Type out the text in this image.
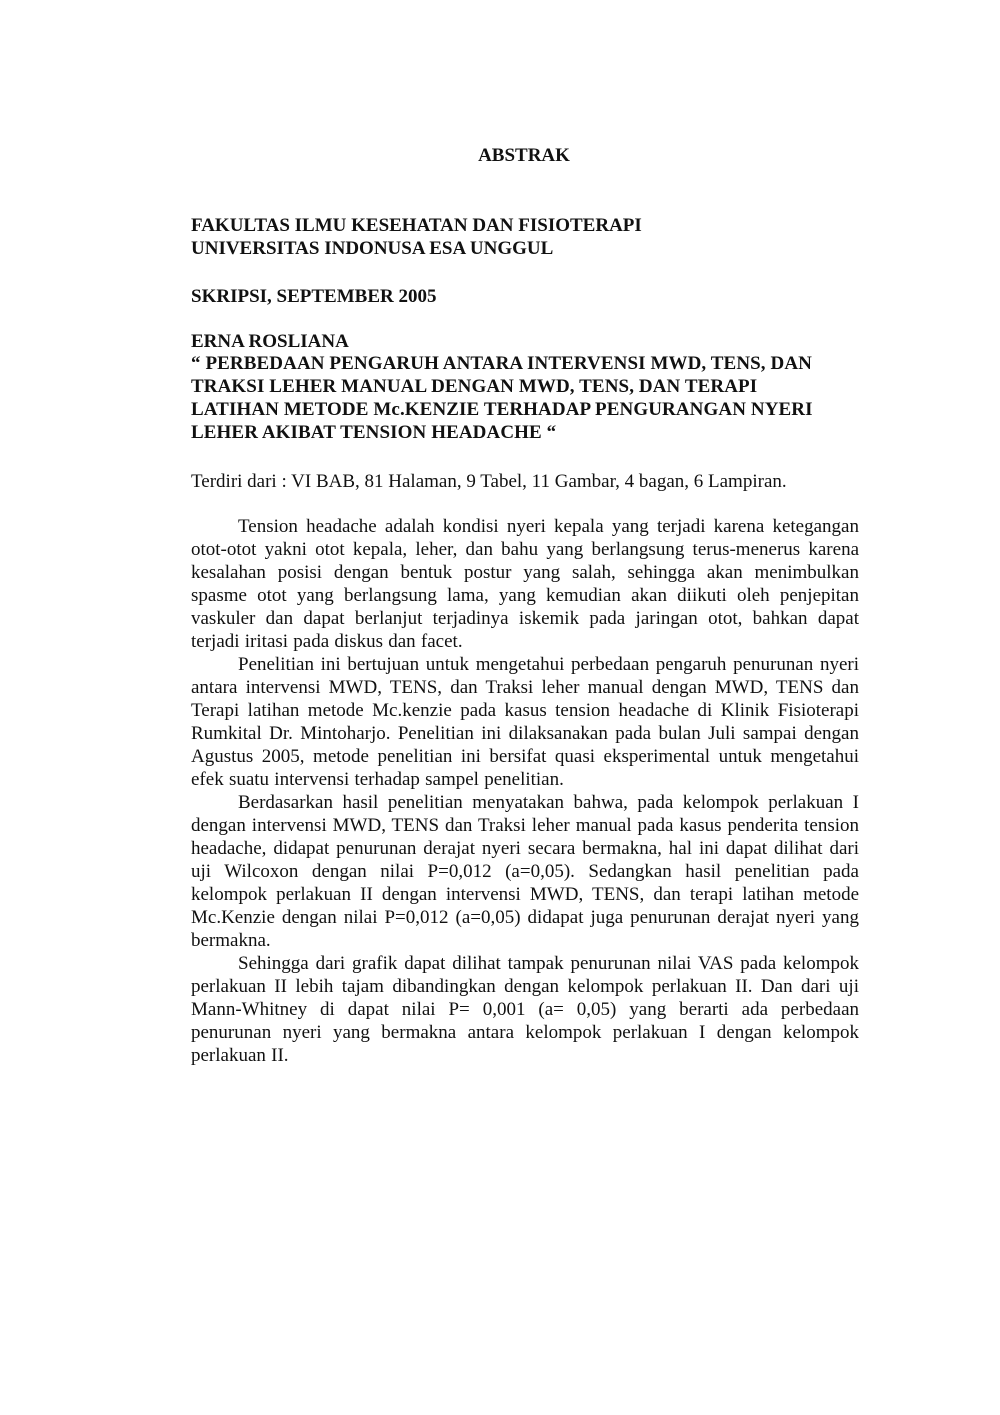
ABSTRAK
FAKULTAS ILMU KESEHATAN DAN FISIOTERAPI
UNIVERSITAS INDONUSA ESA UNGGUL
SKRIPSI, SEPTEMBER 2005
ERNA ROSLIANA
“ PERBEDAAN PENGARUH ANTARA INTERVENSI MWD, TENS, DAN
TRAKSI LEHER MANUAL DENGAN MWD, TENS, DAN TERAPI
LATIHAN METODE Mc.KENZIE TERHADAP PENGURANGAN NYERI
LEHER AKIBAT TENSION HEADACHE “
Terdiri dari : VI BAB, 81 Halaman, 9 Tabel, 11 Gambar, 4 bagan, 6 Lampiran.

Tension headache adalah kondisi nyeri kepala yang terjadi karena ketegangan otot-otot yakni otot kepala, leher, dan bahu yang berlangsung terus-menerus karena kesalahan posisi dengan bentuk postur yang salah, sehingga akan menimbulkan spasme otot yang berlangsung lama, yang kemudian akan diikuti oleh penjepitan vaskuler dan dapat berlanjut terjadinya iskemik pada jaringan otot, bahkan dapat terjadi iritasi pada diskus dan facet.

Penelitian ini bertujuan untuk mengetahui perbedaan pengaruh penurunan nyeri antara intervensi MWD, TENS, dan Traksi leher manual dengan MWD, TENS dan Terapi latihan metode Mc.kenzie pada kasus tension headache di Klinik Fisioterapi Rumkital Dr. Mintoharjo. Penelitian ini dilaksanakan pada bulan Juli sampai dengan Agustus 2005, metode penelitian ini bersifat quasi eksperimental untuk mengetahui efek suatu intervensi terhadap sampel penelitian.

Berdasarkan hasil penelitian menyatakan bahwa, pada kelompok perlakuan I dengan intervensi MWD, TENS dan Traksi leher manual pada kasus penderita tension headache, didapat penurunan derajat nyeri secara bermakna, hal ini dapat dilihat dari uji Wilcoxon dengan nilai P=0,012 (a=0,05). Sedangkan hasil penelitian pada kelompok perlakuan II dengan intervensi MWD, TENS, dan terapi latihan metode Mc.Kenzie dengan nilai P=0,012 (a=0,05) didapat juga penurunan derajat nyeri yang bermakna.

Sehingga dari grafik dapat dilihat tampak penurunan nilai VAS pada kelompok perlakuan II lebih tajam dibandingkan dengan kelompok perlakuan II. Dan dari uji Mann-Whitney di dapat nilai P= 0,001 (a= 0,05) yang berarti ada perbedaan penurunan nyeri yang bermakna antara kelompok perlakuan I dengan kelompok perlakuan II.
